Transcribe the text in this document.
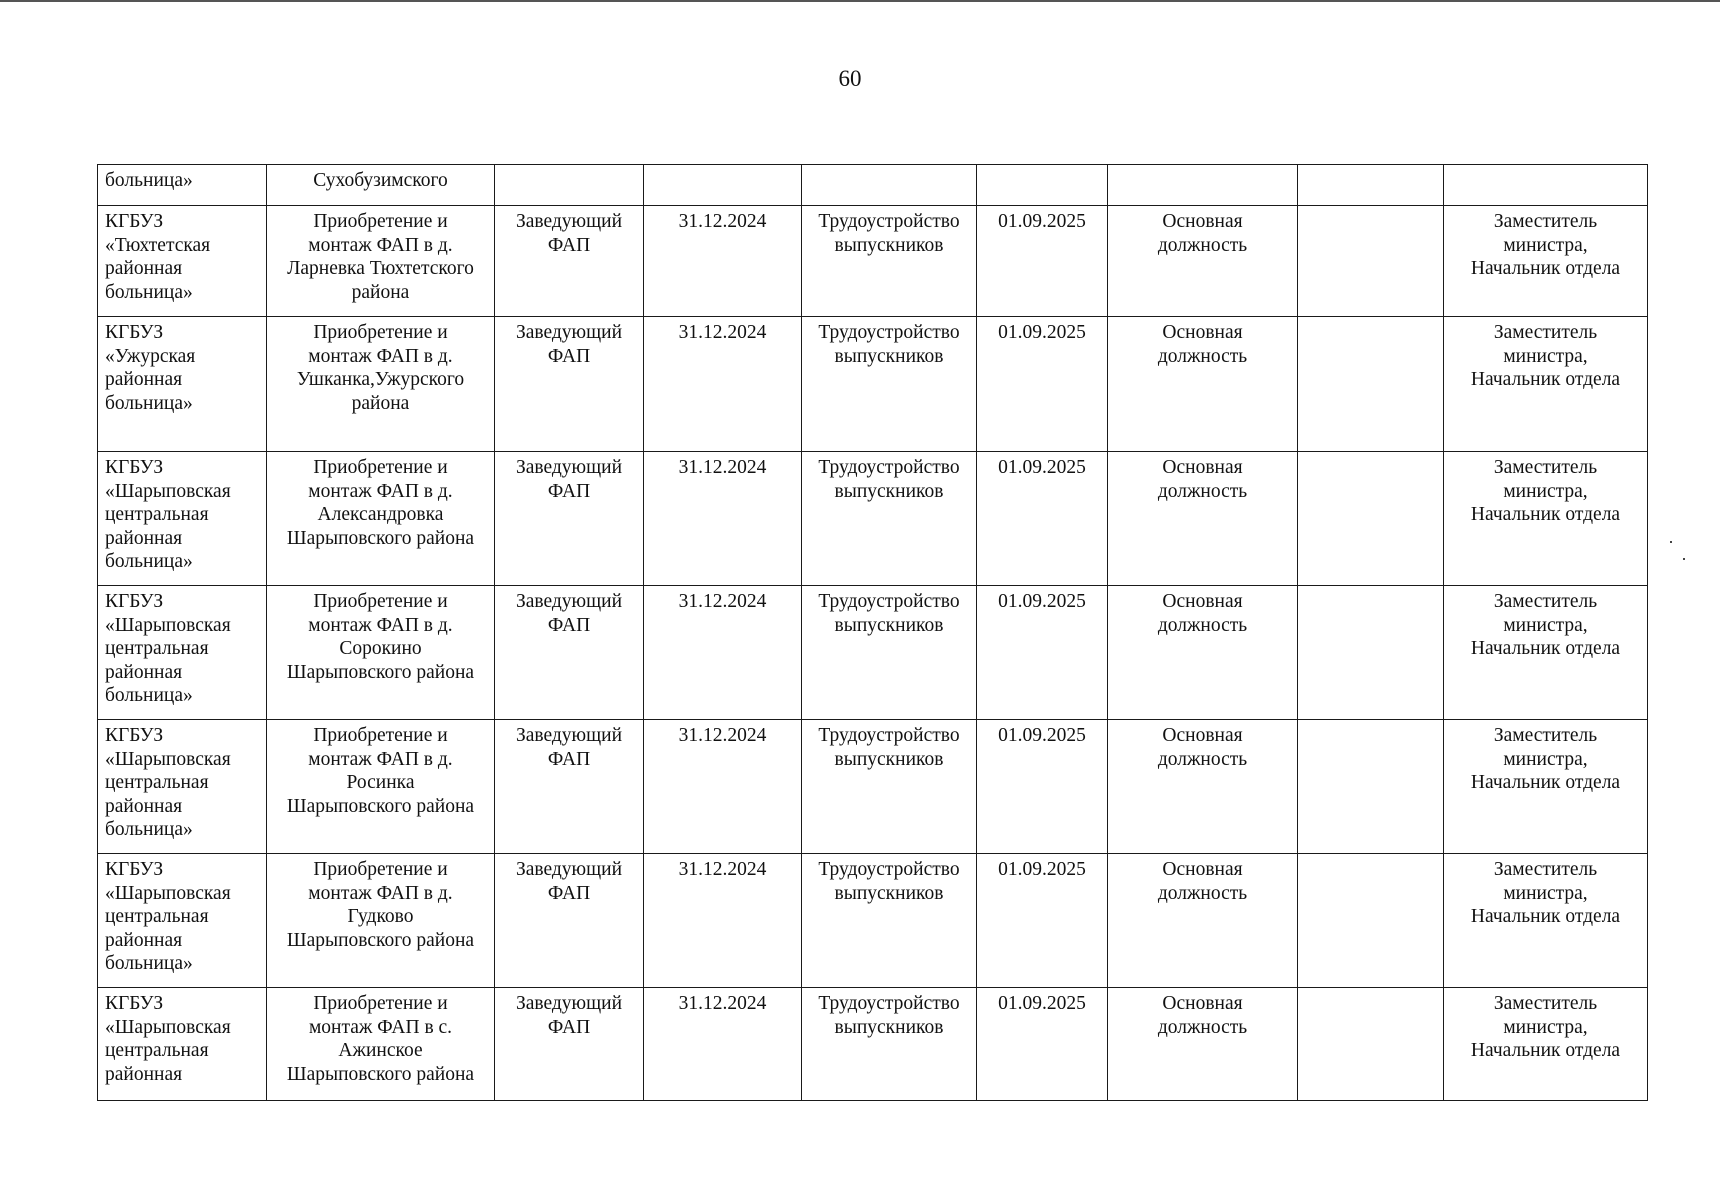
60
больница»	Сухобузимского							
КГБУЗ
«Тюхтетская
районная
больница»	Приобретение и
монтаж ФАП в д.
Ларневка Тюхтетского
района	Заведующий
ФАП	31.12.2024	Трудоустройство
выпускников	01.09.2025	Основная
должность		Заместитель
министра,
Начальник отдела
КГБУЗ
«Ужурская
районная
больница»	Приобретение и
монтаж ФАП в д.
Ушканка,Ужурского
района	Заведующий
ФАП	31.12.2024	Трудоустройство
выпускников	01.09.2025	Основная
должность		Заместитель
министра,
Начальник отдела
КГБУЗ
«Шарыповская
центральная
районная
больница»	Приобретение и
монтаж ФАП в д.
Александровка
Шарыповского района	Заведующий
ФАП	31.12.2024	Трудоустройство
выпускников	01.09.2025	Основная
должность		Заместитель
министра,
Начальник отдела
КГБУЗ
«Шарыповская
центральная
районная
больница»	Приобретение и
монтаж ФАП в д.
Сорокино
Шарыповского района	Заведующий
ФАП	31.12.2024	Трудоустройство
выпускников	01.09.2025	Основная
должность		Заместитель
министра,
Начальник отдела
КГБУЗ
«Шарыповская
центральная
районная
больница»	Приобретение и
монтаж ФАП в д.
Росинка
Шарыповского района	Заведующий
ФАП	31.12.2024	Трудоустройство
выпускников	01.09.2025	Основная
должность		Заместитель
министра,
Начальник отдела
КГБУЗ
«Шарыповская
центральная
районная
больница»	Приобретение и
монтаж ФАП в д.
Гудково
Шарыповского района	Заведующий
ФАП	31.12.2024	Трудоустройство
выпускников	01.09.2025	Основная
должность		Заместитель
министра,
Начальник отдела
КГБУЗ
«Шарыповская
центральная
районная	Приобретение и
монтаж ФАП в с.
Ажинское
Шарыповского района	Заведующий
ФАП	31.12.2024	Трудоустройство
выпускников	01.09.2025	Основная
должность		Заместитель
министра,
Начальник отдела
